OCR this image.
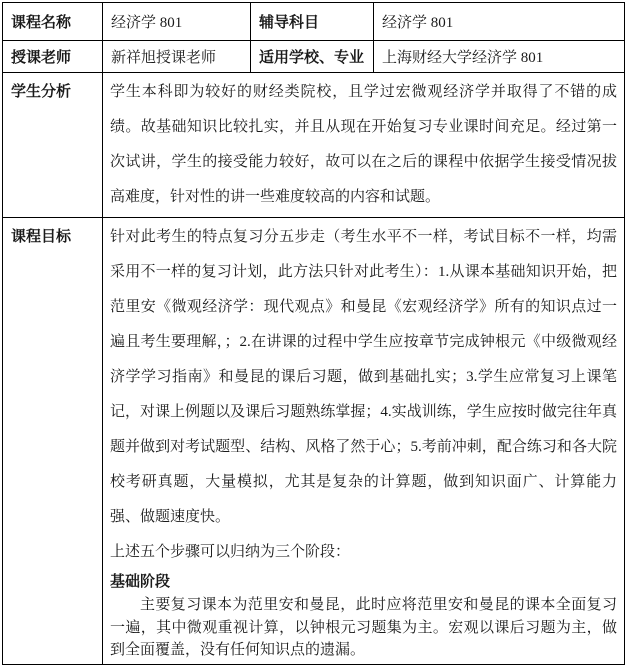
课程名称	经济学 801	辅导科目	经济学 801
授课老师	新祥旭授课老师	适用学校、专业	上海财经大学经济学 801
学生分析	学生本科即为较好的财经类院校，且学过宏微观经济学并取得了不错的成绩。故基础知识比较扎实，并且从现在开始复习专业课时间充足。经过第一次试讲，学生的接受能力较好，故可以在之后的课程中依据学生接受情况拔高难度，针对性的讲一些难度较高的内容和试题。		

课程目标	针对此考生的特点复习分五步走（考生水平不一样，考试目标不一样，均需采用不一样的复习计划，此方法只针对此考生）：1.从课本基础知识开始，把范里安《微观经济学：现代观点》和曼昆《宏观经济学》所有的知识点过一遍且考生要理解，；2.在讲课的过程中学生应按章节完成钟根元《中级微观经济学学习指南》和曼昆的课后习题，做到基础扎实；3.学生应常复习上课笔记，对课上例题以及课后习题熟练掌握；4.实战训练，学生应按时做完往年真题并做到对考试题型、结构、风格了然于心；5.考前冲刺，配合练习和各大院校考研真题，大量模拟，尤其是复杂的计算题，做到知识面广、计算能力强、做题速度快。

上述五个步骤可以归纳为三个阶段：

基础阶段

主要复习课本为范里安和曼昆，此时应将范里安和曼昆的课本全面复习一遍，其中微观重视计算，以钟根元习题集为主。宏观以课后习题为主，做到全面覆盖，没有任何知识点的遗漏。		
